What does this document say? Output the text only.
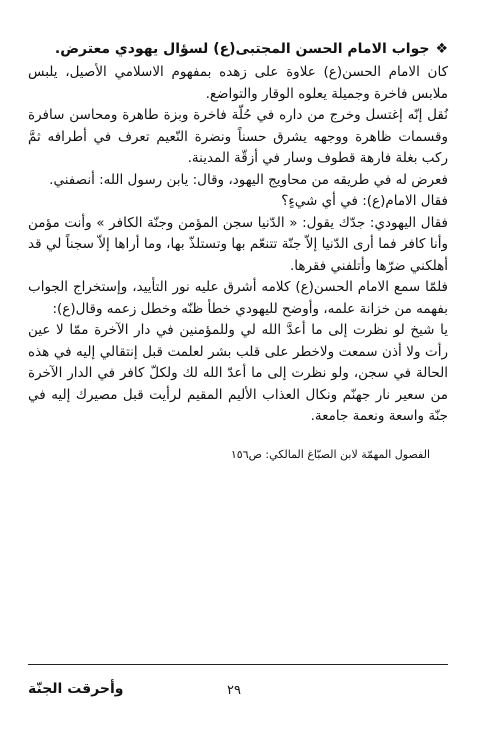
❖جواب الامام الحسن المجتبى(ع) لسؤال يهودي معترض.

كان الامام الحسن(ع) علاوة على زهده بمفهوم الاسلامي الأصيل، يلبس ملابس فاخرة وجميلة يعلوه الوقار والتواضع.

نُقل إنّه إغتسل وخرج من داره في حُلّة فاخرة وبزة طاهرة ومحاسن سافرة وقسمات ظاهرة ووجهه يشرق حسناً ونضرة النّعيم تعرف في أطرافه ثمَّ ركب بغلة فارهة قطوف وسار في أزقّة المدينة.

فعرض له في طريقه من محاويج اليهود، وقال: يابن رسول الله: أنصفني.

فقال الامام(ع): في أي شيءٍ؟

فقال اليهودي: جدّك يقول: « الدّنيا سجن المؤمن وجنّة الكافر » وأنت مؤمن وأنا كافر فما أرى الدّنيا إلاّ جنّة تتنعّم بها وتستلذّ بها، وما أراها إلاّ سجناً لي قد أهلكني ضرّها وأتلفني فقرها.

فلمّا سمع الامام الحسن(ع) كلامه أشرق عليه نور التأييد، وإستخراج الجواب بفهمه من خزانة علمه، وأوضح لليهودي خطأ ظنّه وخطل زعمه وقال(ع):

يا شيخ لو نظرت إلى ما أعدَّ الله لي وللمؤمنين في دار الآخرة ممّا لا عين رأت ولا أذن سمعت ولاخطر على قلب بشر لعلمت قبل إنتقالي إليه في هذه الحالة في سجن، ولو نظرت إلى ما أعدّ الله لك ولكلّ كافر في الدار الآخرة من سعير نار جهنّم ونكال العذاب الأليم المقيم لرأيت قبل مصيرك إليه في جنّة واسعة ونعمة جامعة.

الفصول المهمّة لابن الصبّاغ المالكي: ص١٥٦

٢٩
وأحرقت الجنّة
